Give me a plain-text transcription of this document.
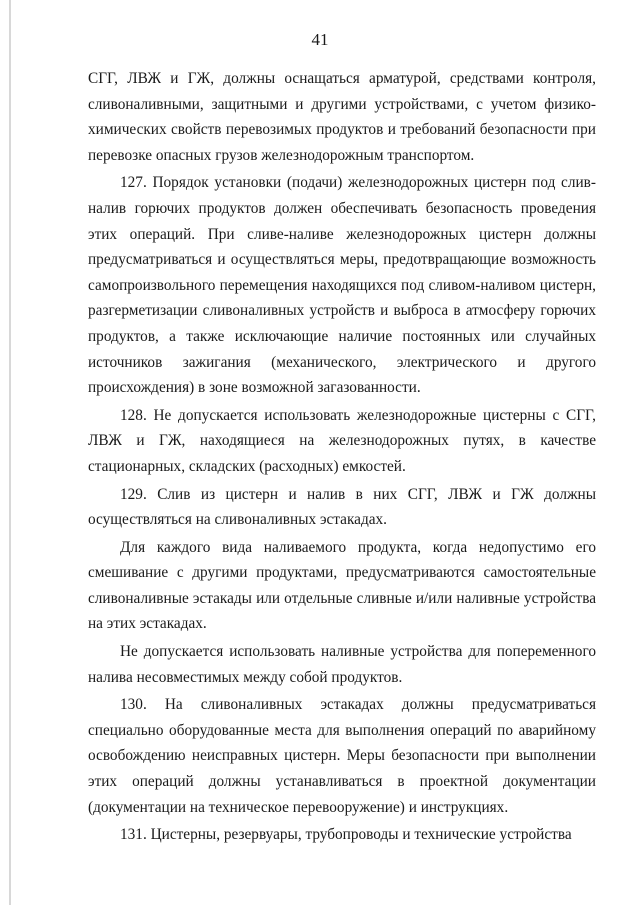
41

СГГ, ЛВЖ и ГЖ, должны оснащаться арматурой, средствами контроля, сливоналивными, защитными и другими устройствами, с учетом физико-химических свойств перевозимых продуктов и требований безопасности при перевозке опасных грузов железнодорожным транспортом.

127. Порядок установки (подачи) железнодорожных цистерн под слив-налив горючих продуктов должен обеспечивать безопасность проведения этих операций. При сливе-наливе железнодорожных цистерн должны предусматриваться и осуществляться меры, предотвращающие возможность самопроизвольного перемещения находящихся под сливом-наливом цистерн, разгерметизации сливоналивных устройств и выброса в атмосферу горючих продуктов, а также исключающие наличие постоянных или случайных источников зажигания (механического, электрического и другого происхождения) в зоне возможной загазованности.

128. Не допускается использовать железнодорожные цистерны с СГГ, ЛВЖ и ГЖ, находящиеся на железнодорожных путях, в качестве стационарных, складских (расходных) емкостей.

129. Слив из цистерн и налив в них СГГ, ЛВЖ и ГЖ должны осуществляться на сливоналивных эстакадах.

Для каждого вида наливаемого продукта, когда недопустимо его смешивание с другими продуктами, предусматриваются самостоятельные сливоналивные эстакады или отдельные сливные и/или наливные устройства на этих эстакадах.

Не допускается использовать наливные устройства для попеременного налива несовместимых между собой продуктов.

130. На сливоналивных эстакадах должны предусматриваться специально оборудованные места для выполнения операций по аварийному освобождению неисправных цистерн. Меры безопасности при выполнении этих операций должны устанавливаться в проектной документации (документации на техническое перевооружение) и инструкциях.

131. Цистерны, резервуары, трубопроводы и технические устройства
